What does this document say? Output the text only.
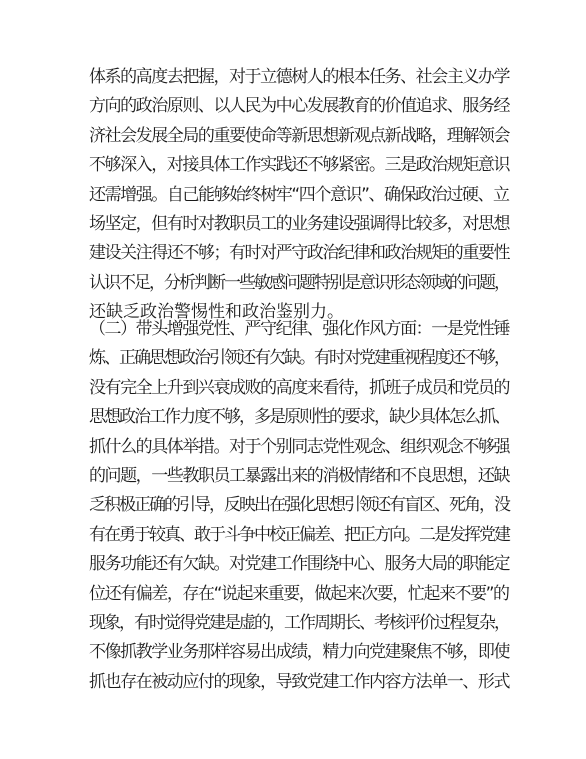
体系的高度去把握，对于立德树人的根本任务、社会主义办学
方向的政治原则、以人民为中心发展教育的价值追求、服务经
济社会发展全局的重要使命等新思想新观点新战略，理解领会
不够深入，对接具体工作实践还不够紧密。三是政治规矩意识
还需增强。自己能够始终树牢“四个意识”、确保政治过硬、立
场坚定，但有时对教职员工的业务建设强调得比较多，对思想
建设关注得还不够；有时对严守政治纪律和政治规矩的重要性
认识不足，分析判断一些敏感问题特别是意识形态领域的问题，
还缺乏政治警惕性和政治鉴别力。
（二）带头增强党性、严守纪律、强化作风方面：一是党性锤
炼、正确思想政治引领还有欠缺。有时对党建重视程度还不够，
没有完全上升到兴衰成败的高度来看待，抓班子成员和党员的
思想政治工作力度不够，多是原则性的要求，缺少具体怎么抓、
抓什么的具体举措。对于个别同志党性观念、组织观念不够强
的问题，一些教职员工暴露出来的消极情绪和不良思想，还缺
乏积极正确的引导，反映出在强化思想引领还有盲区、死角，没
有在勇于较真、敢于斗争中校正偏差、把正方向。二是发挥党建
服务功能还有欠缺。对党建工作围绕中心、服务大局的职能定
位还有偏差，存在“说起来重要，做起来次要，忙起来不要”的
现象，有时觉得党建是虚的，工作周期长、考核评价过程复杂，
不像抓教学业务那样容易出成绩，精力向党建聚焦不够，即使
抓也存在被动应付的现象，导致党建工作内容方法单一、形式
